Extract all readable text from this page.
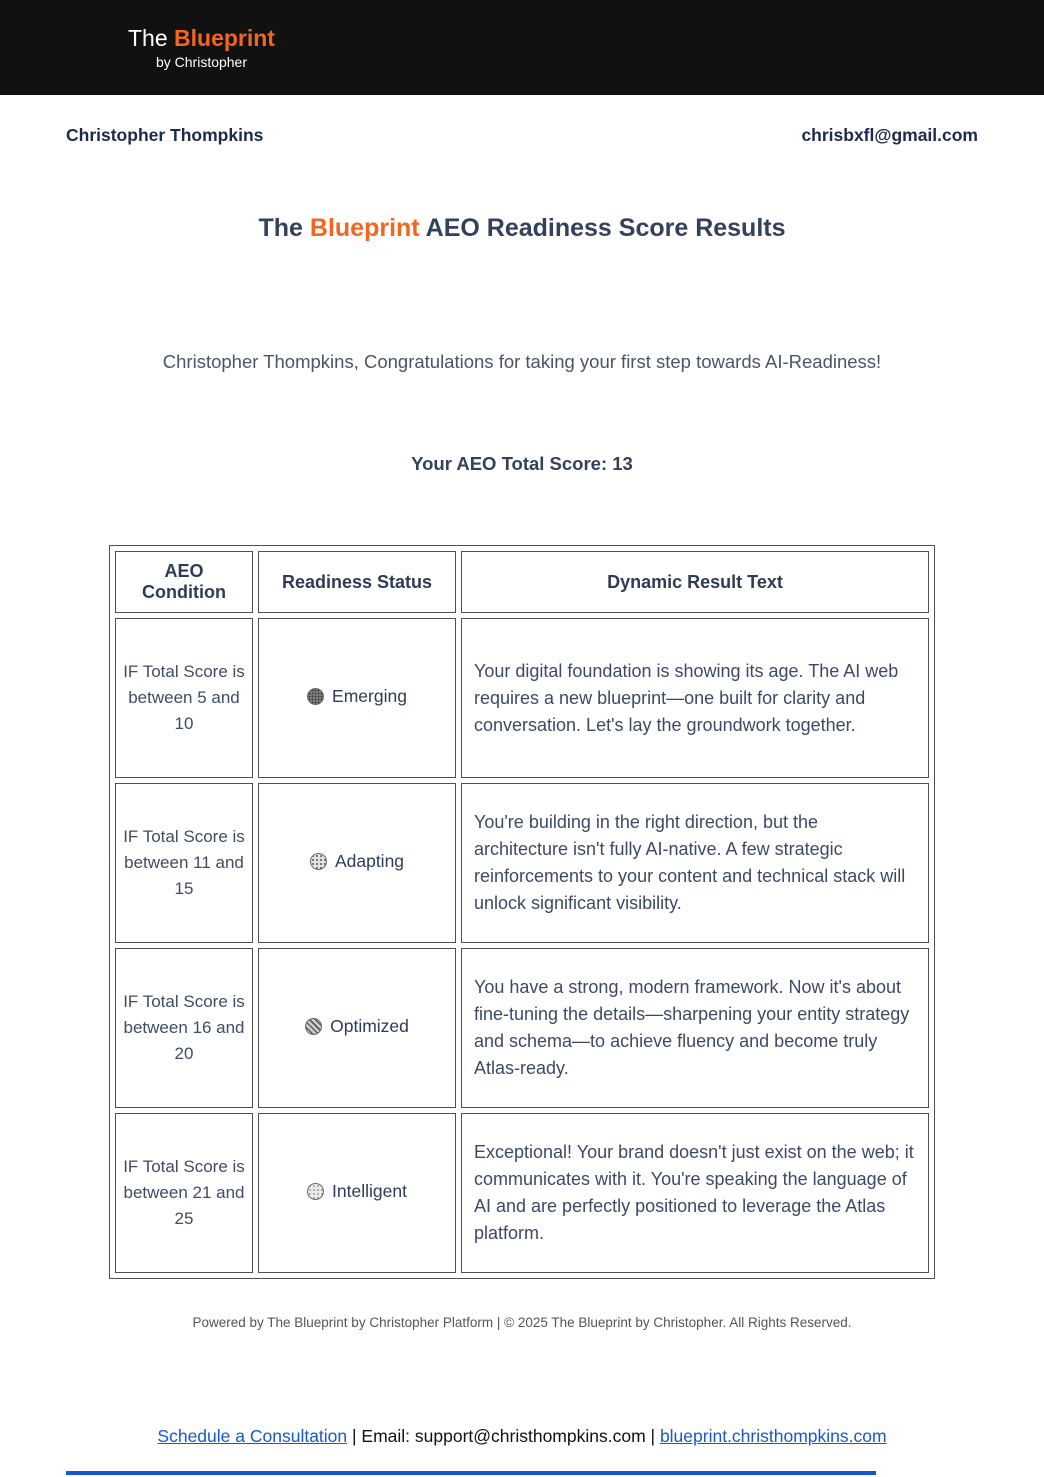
The Blueprint
by Christopher
Christopher Thompkins	chrisbxfl@gmail.com
The Blueprint AEO Readiness Score Results
Christopher Thompkins, Congratulations for taking your first step towards AI-Readiness!
Your AEO Total Score: 13
AEO Condition	Readiness Status	Dynamic Result Text
IF Total Score is between 5 and 10	Emerging	Your digital foundation is showing its age. The AI web requires a new blueprint—one built for clarity and conversation. Let's lay the groundwork together.
IF Total Score is between 11 and 15	Adapting	You're building in the right direction, but the architecture isn't fully AI-native. A few strategic reinforcements to your content and technical stack will unlock significant visibility.
IF Total Score is between 16 and 20	Optimized	You have a strong, modern framework. Now it's about fine-tuning the details—sharpening your entity strategy and schema—to achieve fluency and become truly Atlas-ready.
IF Total Score is between 21 and 25	Intelligent	Exceptional! Your brand doesn't just exist on the web; it communicates with it. You're speaking the language of AI and are perfectly positioned to leverage the Atlas platform.
Powered by The Blueprint by Christopher Platform | © 2025 The Blueprint by Christopher. All Rights Reserved.
Schedule a Consultation | Email: support@christhompkins.com | blueprint.christhompkins.com
